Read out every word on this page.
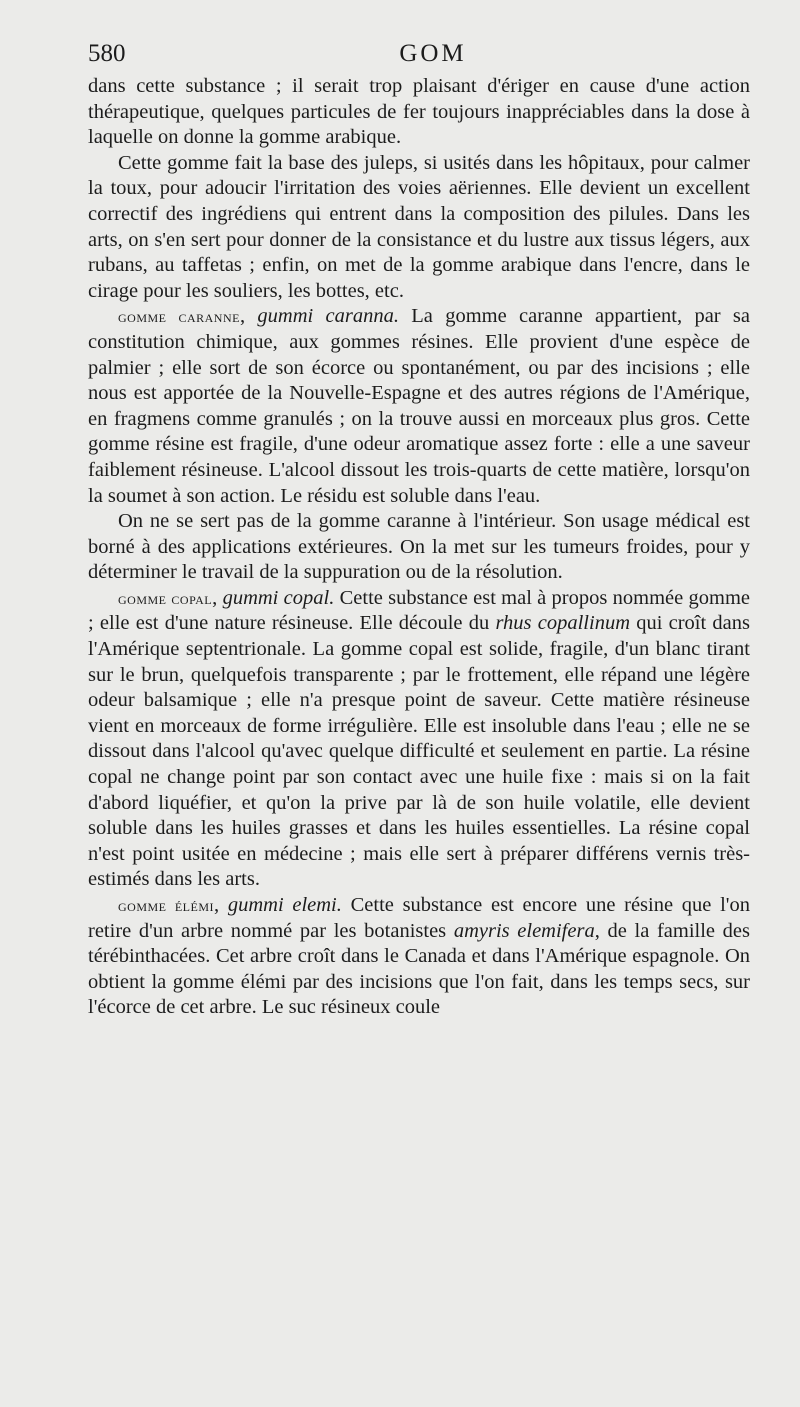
580	GOM

dans cette substance ; il serait trop plaisant d'ériger en cause d'une action thérapeutique, quelques particules de fer toujours inappréciables dans la dose à laquelle on donne la gomme arabique.

Cette gomme fait la base des juleps, si usités dans les hôpitaux, pour calmer la toux, pour adoucir l'irritation des voies aëriennes. Elle devient un excellent correctif des ingrédiens qui entrent dans la composition des pilules. Dans les arts, on s'en sert pour donner de la consistance et du lustre aux tissus légers, aux rubans, au taffetas ; enfin, on met de la gomme arabique dans l'encre, dans le cirage pour les souliers, les bottes, etc.

gomme caranne, gummi caranna. La gomme caranne appartient, par sa constitution chimique, aux gommes résines. Elle provient d'une espèce de palmier ; elle sort de son écorce ou spontanément, ou par des incisions ; elle nous est apportée de la Nouvelle-Espagne et des autres régions de l'Amérique, en fragmens comme granulés ; on la trouve aussi en morceaux plus gros. Cette gomme résine est fragile, d'une odeur aromatique assez forte : elle a une saveur faiblement résineuse. L'alcool dissout les trois-quarts de cette matière, lorsqu'on la soumet à son action. Le résidu est soluble dans l'eau.

On ne se sert pas de la gomme caranne à l'intérieur. Son usage médical est borné à des applications extérieures. On la met sur les tumeurs froides, pour y déterminer le travail de la suppuration ou de la résolution.

gomme copal, gummi copal. Cette substance est mal à propos nommée gomme ; elle est d'une nature résineuse. Elle découle du rhus copallinum qui croît dans l'Amérique septentrionale. La gomme copal est solide, fragile, d'un blanc tirant sur le brun, quelquefois transparente ; par le frottement, elle répand une légère odeur balsamique ; elle n'a presque point de saveur. Cette matière résineuse vient en morceaux de forme irrégulière. Elle est insoluble dans l'eau ; elle ne se dissout dans l'alcool qu'avec quelque difficulté et seulement en partie. La résine copal ne change point par son contact avec une huile fixe : mais si on la fait d'abord liquéfier, et qu'on la prive par là de son huile volatile, elle devient soluble dans les huiles grasses et dans les huiles essentielles. La résine copal n'est point usitée en médecine ; mais elle sert à préparer différens vernis très-estimés dans les arts.

gomme élémi, gummi elemi. Cette substance est encore une résine que l'on retire d'un arbre nommé par les botanistes amyris elemifera, de la famille des térébinthacées. Cet arbre croît dans le Canada et dans l'Amérique espagnole. On obtient la gomme élémi par des incisions que l'on fait, dans les temps secs, sur l'écorce de cet arbre. Le suc résineux coule
